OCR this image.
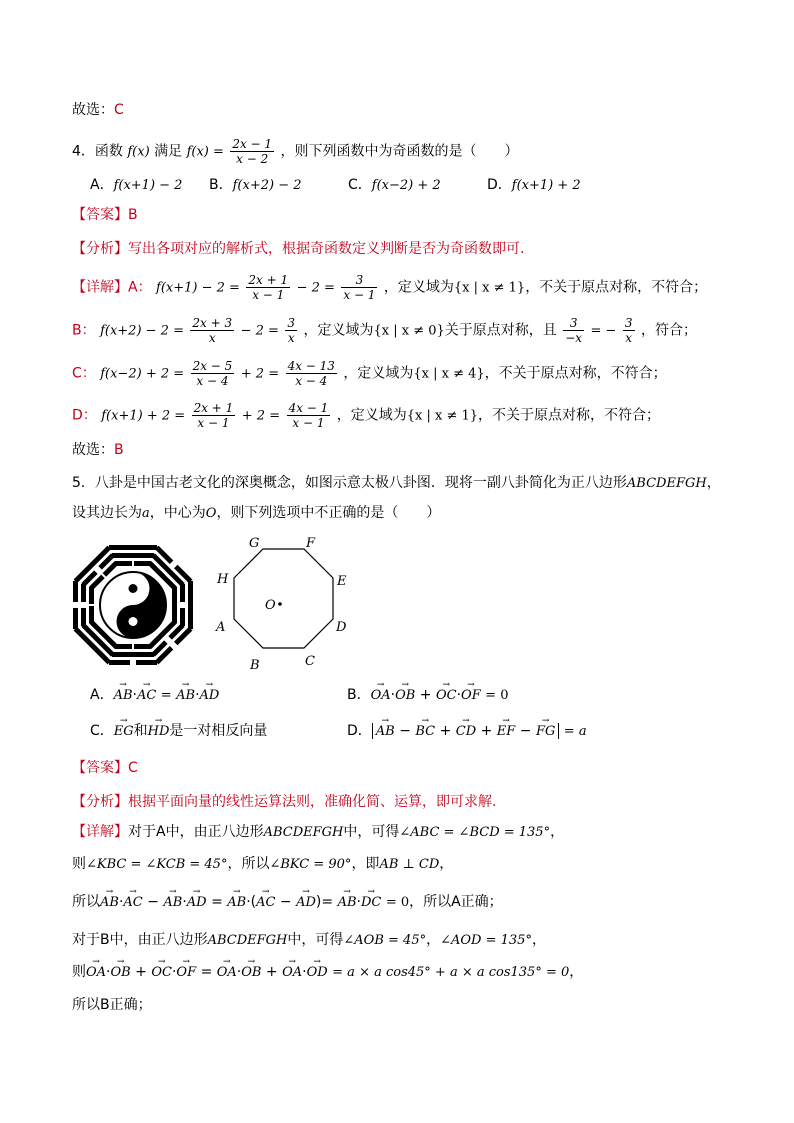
故选：C
4．函数 f(x) 满足 $f(x) = \frac{2x - 1}{x - 2}$ ，则下列函数中为奇函数的是（　　）
A．f(x+1) − 2 B．f(x+2) − 2	C．f(x−2) + 2	D．f(x+1) + 2
【答案】B
【分析】写出各项对应的解析式，根据奇函数定义判断是否为奇函数即可.
【详解】A： $f(x+1) - 2 = \frac{2x + 1}{x - 1} - 2 = \frac{3}{x - 1}$ ，定义域为{x | x ≠ 1}，不关于原点对称，不符合；
B： $f(x+2) - 2 = \frac{2x + 3}{x} - 2 = \frac{3}{x}$ ，定义域为{x | x ≠ 0}关于原点对称，且 $\frac{3}{-x}$ = − $\frac{3}{x}$ ，符合；
C： $f(x-2) + 2 = \frac{2x - 5}{x - 4} + 2 = \frac{4x - 13}{x - 4}$ ，定义域为{x | x ≠ 4}，不关于原点对称，不符合；
D： $f(x+1) + 2 = \frac{2x + 1}{x - 1} + 2 = \frac{4x - 1}{x - 1}$ ，定义域为{x | x ≠ 1}，不关于原点对称，不符合；
故选：B
5．八卦是中国古老文化的深奥概念，如图示意太极八卦图．现将一副八卦简化为正八边形ABCDEFGH，
设其边长为a，中心为O，则下列选项中不正确的是（　　）
G	F
E
D
C
B
A
H
O
A．→ AB·→ AC = → AB·→ AD	B．→ OA·→ OB + → OC·→ OF = 0
C．→ EG和→ HD是一对相反向量	D． → AB − → BC + → CD + → EF − → FG = a
【答案】C
【分析】根据平面向量的线性运算法则，准确化简、运算，即可求解.
【详解】对于A中，由正八边形ABCDEFGH中，可得∠ABC = ∠BCD = 135°，
则∠KBC = ∠KCB = 45°，所以∠BKC = 90°，即AB ⊥ CD，
所以→ AB·→ AC − → AB·→ AD = → AB·(→ AC − → AD)= → AB·→ DC = 0，所以A正确；
对于B中，由正八边形ABCDEFGH中，可得∠AOB = 45°，∠AOD = 135°，
则→ OA·→ OB + → OC·→ OF = → OA·→ OB + → OA·→ OD = a × a cos45° + a × a cos135° = 0，
所以B正确；
